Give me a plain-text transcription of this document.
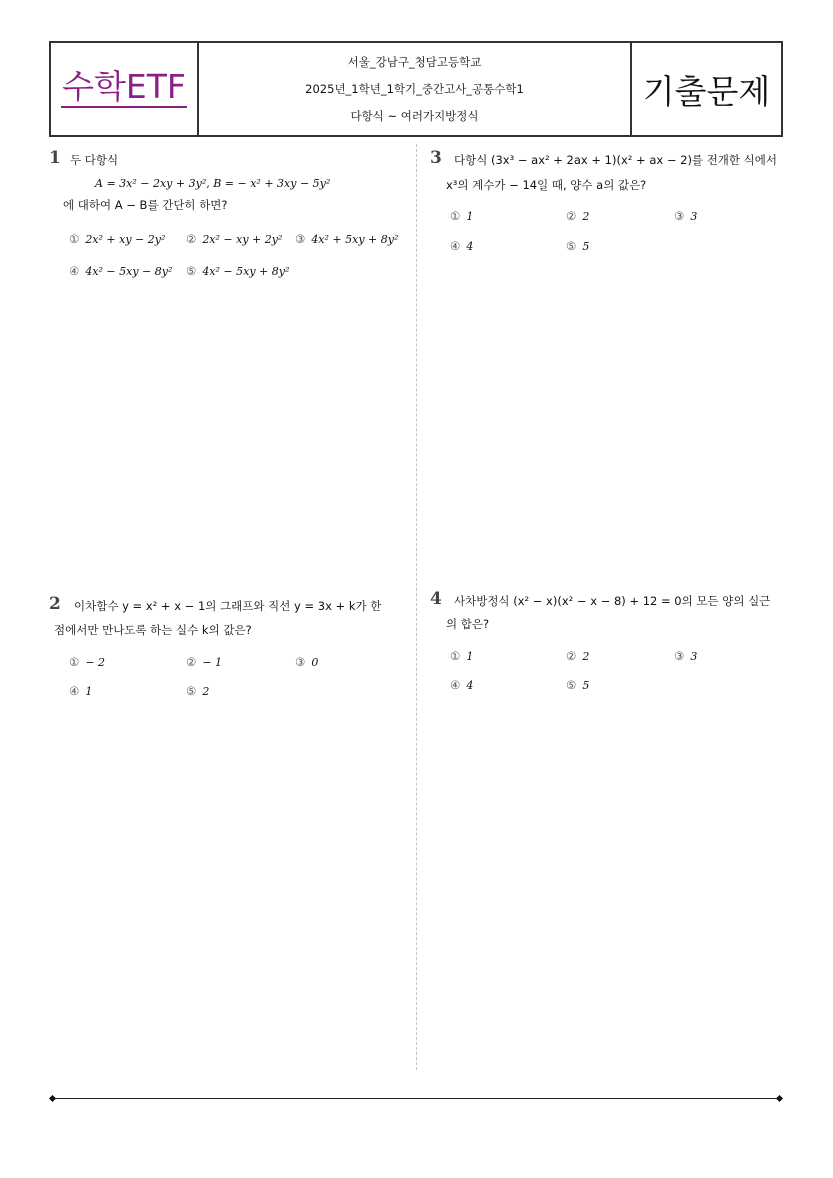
수학ETF
서울_강남구_청담고등학교
2025년_1학년_1학기_중간고사_공통수학1
다항식 ~ 여러가지방정식
기출문제
1 두 다항식
A = 3x² − 2xy + 3y², B = − x² + 3xy − 5y²
에 대하여 A − B를 간단히 하면?
① 2x² + xy − 2y² ② 2x² − xy + 2y² ③ 4x² + 5xy + 8y²
④ 4x² − 5xy − 8y² ⑤ 4x² − 5xy + 8y²
2 이차함수 y = x² + x − 1의 그래프와 직선 y = 3x + k가 한
점에서만 만나도록 하는 실수 k의 값은?
① − 2	② − 1	③ 0
④ 1	⑤ 2
3 다항식 (3x³ − ax² + 2ax + 1)(x² + ax − 2)를 전개한 식에서
x³의 계수가 − 14일 때, 양수 a의 값은?
① 1	② 2	③ 3
④ 4	⑤ 5
4 사차방정식 (x² − x)(x² − x − 8) + 12 = 0의 모든 양의 실근
의 합은?
① 1	② 2	③ 3
④ 4	⑤ 5
